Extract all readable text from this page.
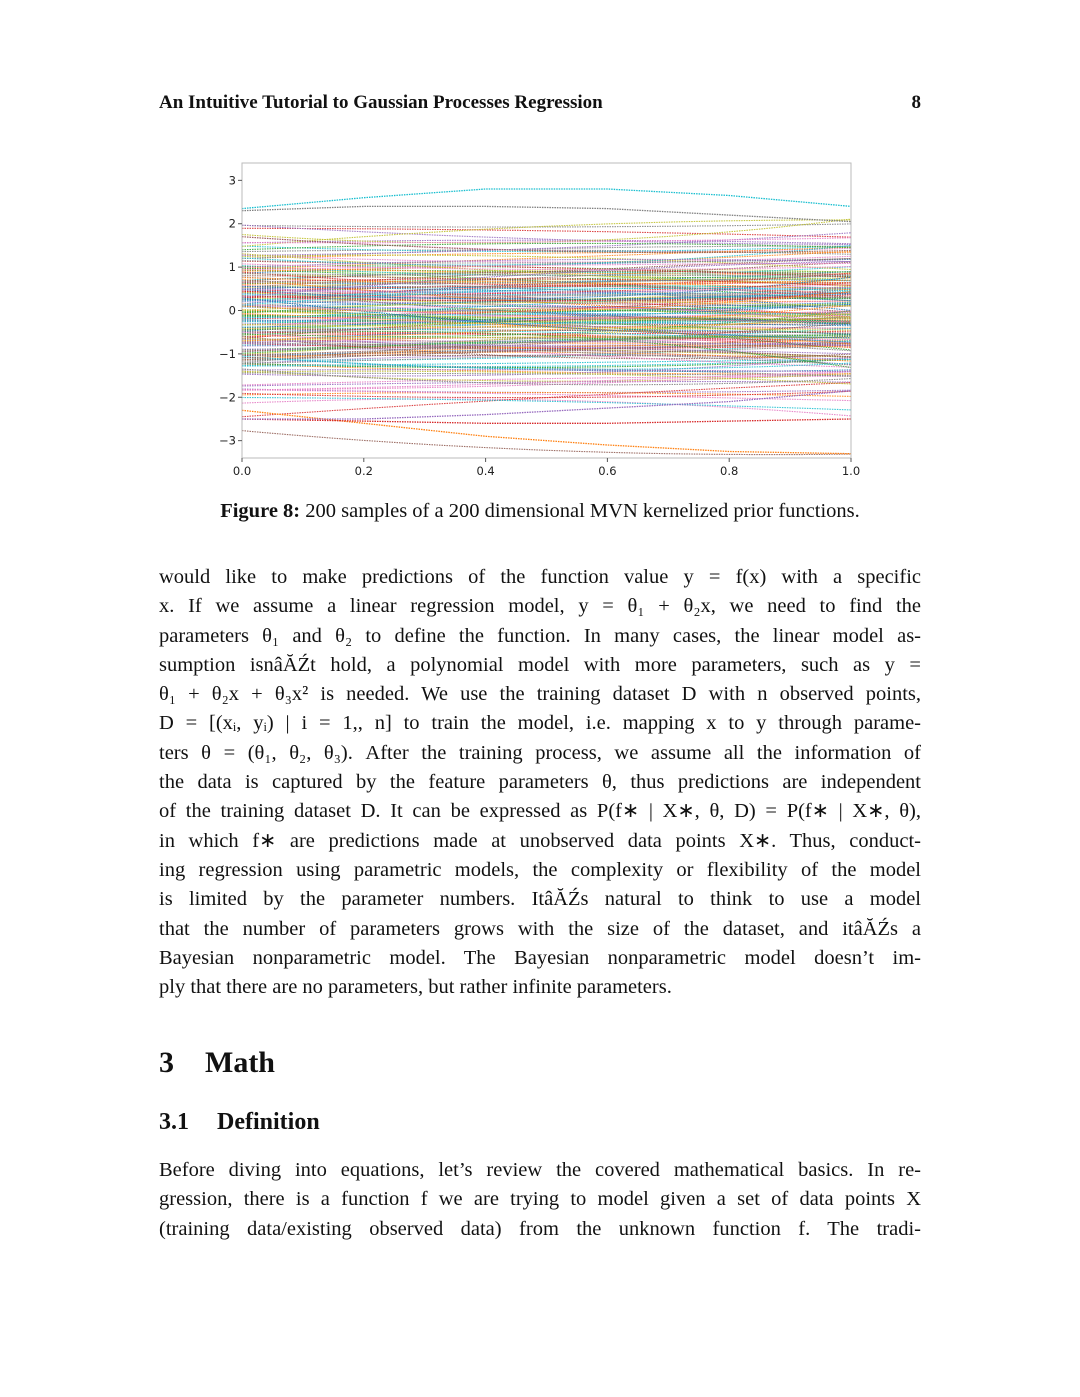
An Intuitive Tutorial to Gaussian Processes Regression	8
0.0	0.2	0.4	0.6	0.8	1.0
3
2
1
0
−1
−2
−3
Figure 8: 200 samples of a 200 dimensional MVN kernelized prior functions.
would like to make predictions of the function value y = f(x) with a specific
x. If we assume a linear regression model, y = θ₁ + θ₂x, we need to find the
parameters θ₁ and θ₂ to define the function. In many cases, the linear model as-
sumption isnâĂŹt hold, a polynomial model with more parameters, such as y =
θ₁ + θ₂x + θ₃x² is needed. We use the training dataset D with n observed points,
D = [(xᵢ, yᵢ) | i = 1,, n] to train the model, i.e. mapping x to y through parame-
ters θ = (θ₁, θ₂, θ₃). After the training process, we assume all the information of
the data is captured by the feature parameters θ, thus predictions are independent
of the training dataset D. It can be expressed as P(f∗ | X∗, θ, D) = P(f∗ | X∗, θ),
in which f∗ are predictions made at unobserved data points X∗. Thus, conduct-
ing regression using parametric models, the complexity or flexibility of the model
is limited by the parameter numbers. ItâĂŹs natural to think to use a model
that the number of parameters grows with the size of the dataset, and itâĂŹs a
Bayesian nonparametric model. The Bayesian nonparametric model doesn’t im-
ply that there are no parameters, but rather infinite parameters.
3 Math
3.1 Definition
Before diving into equations, let’s review the covered mathematical basics. In re-
gression, there is a function f we are trying to model given a set of data points X
(training data/existing observed data) from the unknown function f. The tradi-
